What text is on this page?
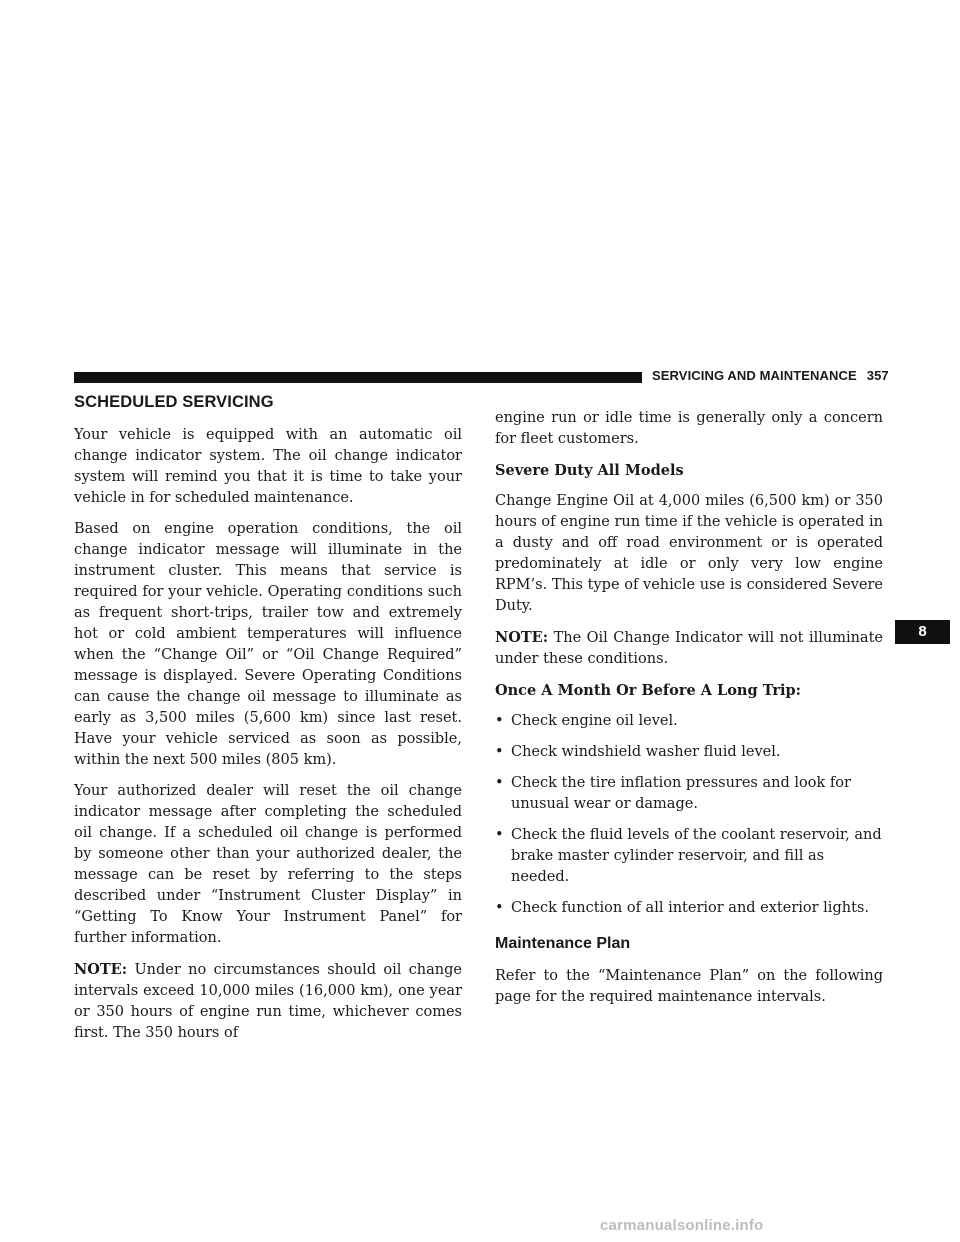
SERVICING AND MAINTENANCE 357
SCHEDULED SERVICING

Your vehicle is equipped with an automatic oil change indicator system. The oil change indicator system will remind you that it is time to take your vehicle in for scheduled maintenance.

Based on engine operation conditions, the oil change indicator message will illuminate in the instrument cluster. This means that service is required for your vehicle. Operating conditions such as frequent short-trips, trailer tow and extremely hot or cold ambient temperatures will influence when the “Change Oil” or “Oil Change Required” message is displayed. Severe Operating Conditions can cause the change oil message to illuminate as early as 3,500 miles (5,600 km) since last reset. Have your vehicle serviced as soon as possible, within the next 500 miles (805 km).

Your authorized dealer will reset the oil change indicator message after completing the scheduled oil change. If a scheduled oil change is performed by someone other than your authorized dealer, the message can be reset by referring to the steps described under “Instrument Cluster Display” in “Getting To Know Your Instrument Panel” for further information.

NOTE: Under no circumstances should oil change intervals exceed 10,000 miles (16,000 km), one year or 350 hours of engine run time, whichever comes first. The 350 hours of

engine run or idle time is generally only a concern for fleet customers.

Severe Duty All Models

Change Engine Oil at 4,000 miles (6,500 km) or 350 hours of engine run time if the vehicle is operated in a dusty and off road environment or is operated predominately at idle or only very low engine RPM’s. This type of vehicle use is considered Severe Duty.

NOTE: The Oil Change Indicator will not illuminate under these conditions.

Once A Month Or Before A Long Trip:
• Check engine oil level.
• Check windshield washer fluid level.
• Check the tire inflation pressures and look for unusual wear or damage.
• Check the fluid levels of the coolant reservoir, and brake master cylinder reservoir, and fill as needed.
• Check function of all interior and exterior lights.
Maintenance Plan

Refer to the “Maintenance Plan” on the following page for the required maintenance intervals.

8
carmanualsonline.info
